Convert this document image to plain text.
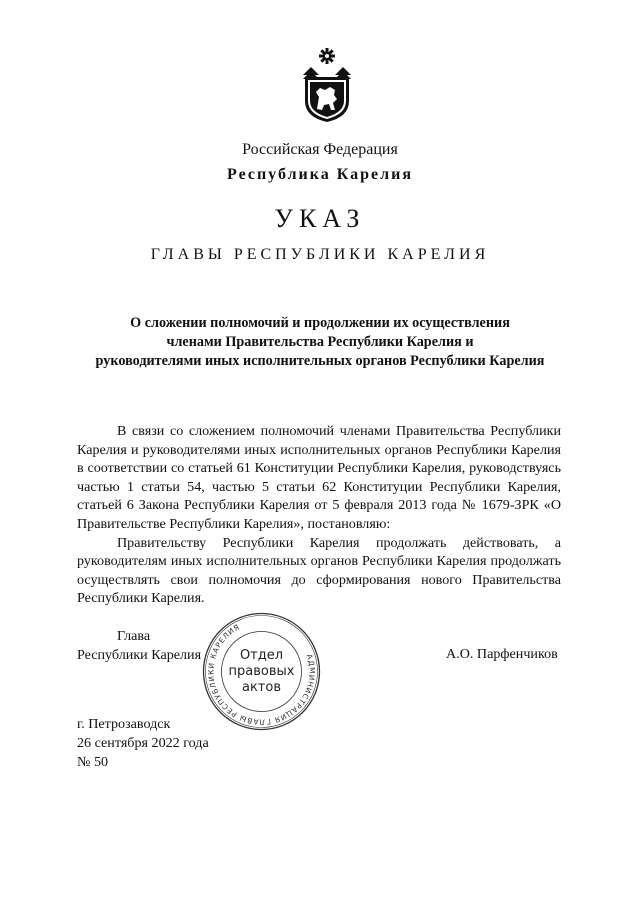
Российская Федерация
Республика Карелия
УКАЗ
ГЛАВЫ РЕСПУБЛИКИ КАРЕЛИЯ
О сложении полномочий и продолжении их осуществления
членами Правительства Республики Карелия и
руководителями иных исполнительных органов Республики Карелия

В связи со сложением полномочий членами Правительства Республики Карелия и руководителями иных исполнительных органов Республики Карелия в соответствии со статьей 61 Конституции Республики Карелия, руководствуясь частью 1 статьи 54, частью 5 статьи 62 Конституции Республики Карелия, статьей 6 Закона Республики Карелия от 5 февраля 2013 года № 1679-ЗРК «О Правительстве Республики Карелия», постановляю:

Правительству Республики Карелия продолжать действовать, а руководителям иных исполнительных органов Республики Карелия продолжать осуществлять свои полномочия до сформирования нового Правительства Республики Карелия.

Глава
Республики Карелия	А.О. Парфенчиков
АДМИНИСТРАЦИЯ ГЛАВЫ РЕСПУБЛИКИ КАРЕЛИЯ
Отдел
правовых
актов
г. Петрозаводск
26 сентября 2022 года
№ 50
